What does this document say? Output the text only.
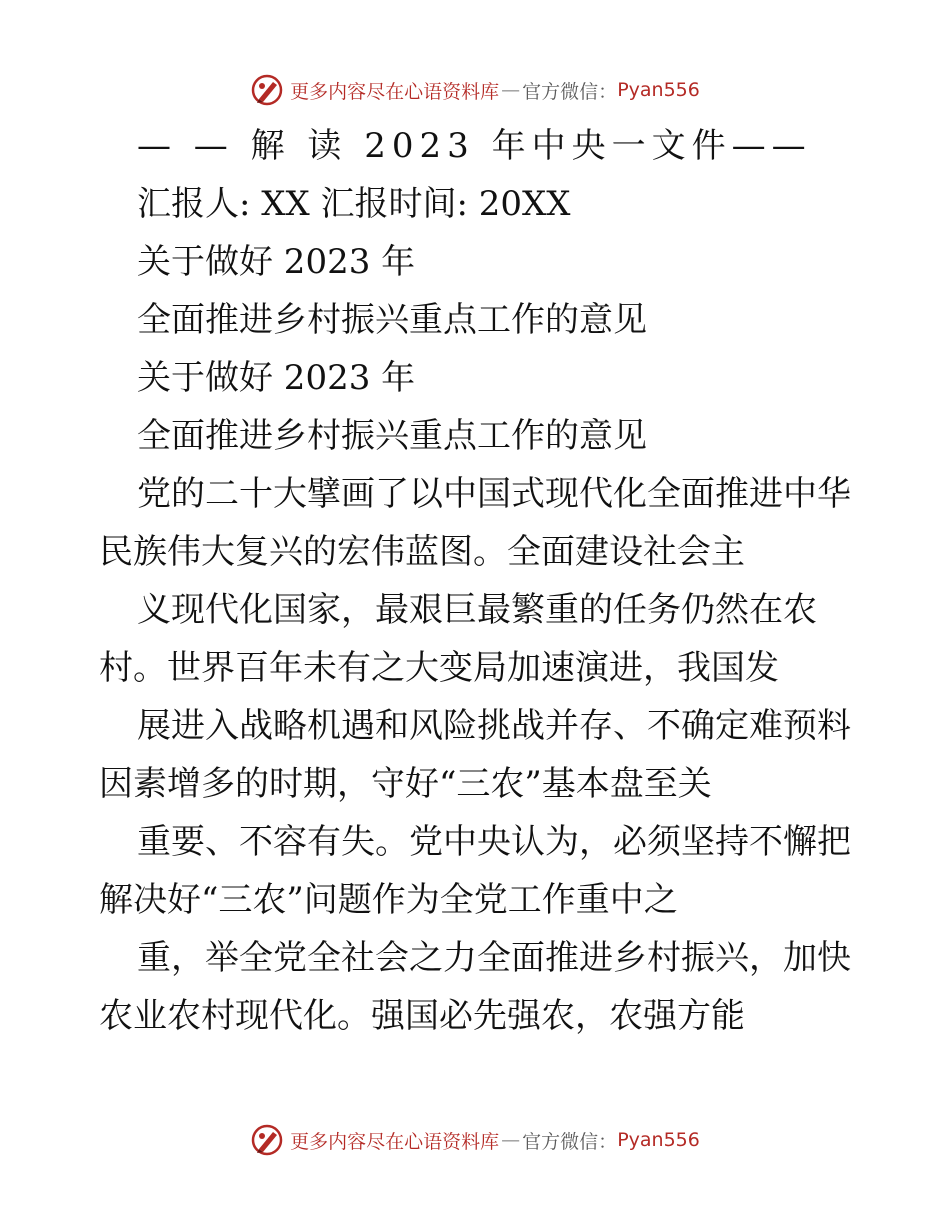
更多内容尽在心语资料库 — 官方微信： Pyan556
— — 解 读 2023 年中央一文件——
汇报人: XX 汇报时间: 20XX
关于做好 2023 年
全面推进乡村振兴重点工作的意见
关于做好 2023 年
全面推进乡村振兴重点工作的意见
党的二十大擘画了以中国式现代化全面推进中华
民族伟大复兴的宏伟蓝图。全面建设社会主
义现代化国家，最艰巨最繁重的任务仍然在农
村。世界百年未有之大变局加速演进，我国发
展进入战略机遇和风险挑战并存、不确定难预料
因素增多的时期，守好“三农”基本盘至关
重要、不容有失。党中央认为，必须坚持不懈把
解决好“三农”问题作为全党工作重中之
重，举全党全社会之力全面推进乡村振兴，加快
农业农村现代化。强国必先强农，农强方能
更多内容尽在心语资料库 — 官方微信： Pyan556
